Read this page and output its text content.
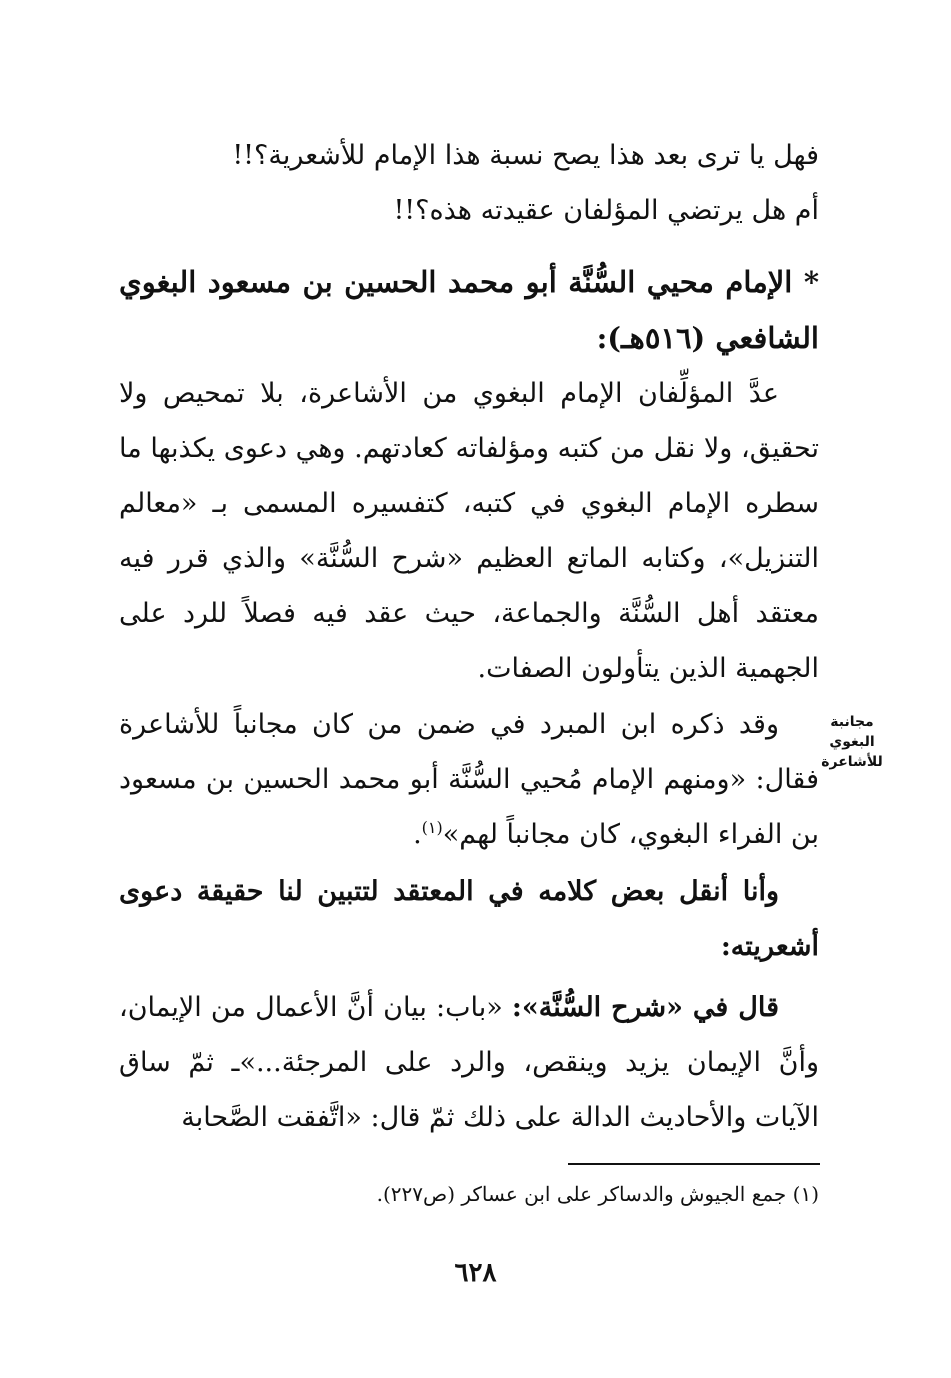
فهل يا ترى بعد هذا يصح نسبة هذا الإمام للأشعرية؟!!

أم هل يرتضي المؤلفان عقيدته هذه؟!!

* الإمام محيي السُّنَّة أبو محمد الحسين بن مسعود البغوي الشافعي (٥١٦هـ):

عدَّ المؤلِّفان الإمام البغوي من الأشاعرة، بلا تمحيص ولا تحقيق، ولا نقل من كتبه ومؤلفاته كعادتهم. وهي دعوى يكذبها ما سطره الإمام البغوي في كتبه، كتفسيره المسمى بـ «معالم التنزيل»، وكتابه الماتع العظيم «شرح السُّنَّة» والذي قرر فيه معتقد أهل السُّنَّة والجماعة، حيث عقد فيه فصلاً للرد على الجهمية الذين يتأولون الصفات.

مجانبة البغوي للأشاعرة

وقد ذكره ابن المبرد في ضمن من كان مجانباً للأشاعرة فقال: «ومنهم الإمام مُحيي السُّنَّة أبو محمد الحسين بن مسعود بن الفراء البغوي، كان مجانباً لهم»$^{(١)}$.

وأنا أنقل بعض كلامه في المعتقد لتتبين لنا حقيقة دعوى أشعريته:

قال في «شرح السُّنَّة»: «باب: بيان أنَّ الأعمال من الإيمان، وأنَّ الإيمان يزيد وينقص، والرد على المرجئة...»ـ ثمّ ساق الآيات والأحاديث الدالة على ذلك ثمّ قال: «اتَّفقت الصَّحابة

(١) جمع الجيوش والدساكر على ابن عساكر (ص٢٢٧).

٦٢٨
